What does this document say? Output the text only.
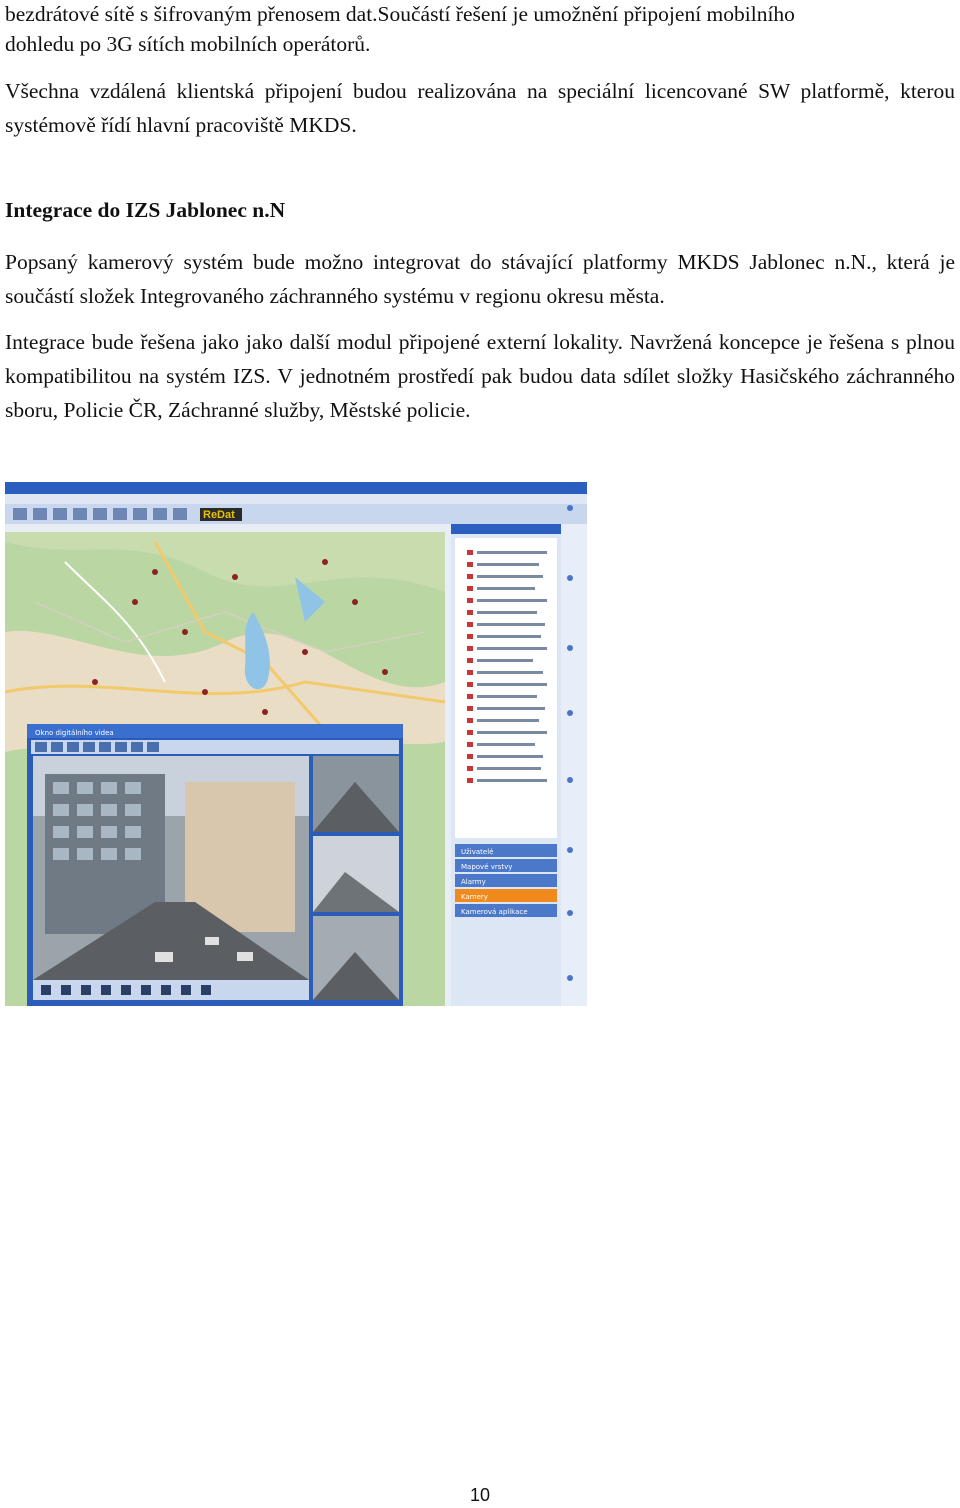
bezdrátové sítě s šifrovaným přenosem dat.Součástí řešení je umožnění připojení mobilního

dohledu po 3G sítích mobilních operátorů.

Všechna vzdálená klientská připojení budou realizována na speciální licencované SW platformě, kterou systémově řídí hlavní pracoviště MKDS.

Integrace do IZS Jablonec n.N

Popsaný kamerový systém bude možno integrovat do stávající platformy MKDS Jablonec n.N., která je součástí složek Integrovaného záchranného systému v regionu okresu města.

Integrace bude řešena jako jako další modul připojené externí lokality. Navržená koncepce je řešena s plnou kompatibilitou na systém IZS. V jednotném prostředí pak budou data sdílet složky Hasičského záchranného sboru, Policie ČR, Záchranné služby, Městské policie.

ReDat
Uživatelé
Mapové vrstvy
Alarmy
Kamery
Kamerová aplikace
Okno digitálního videa
10
